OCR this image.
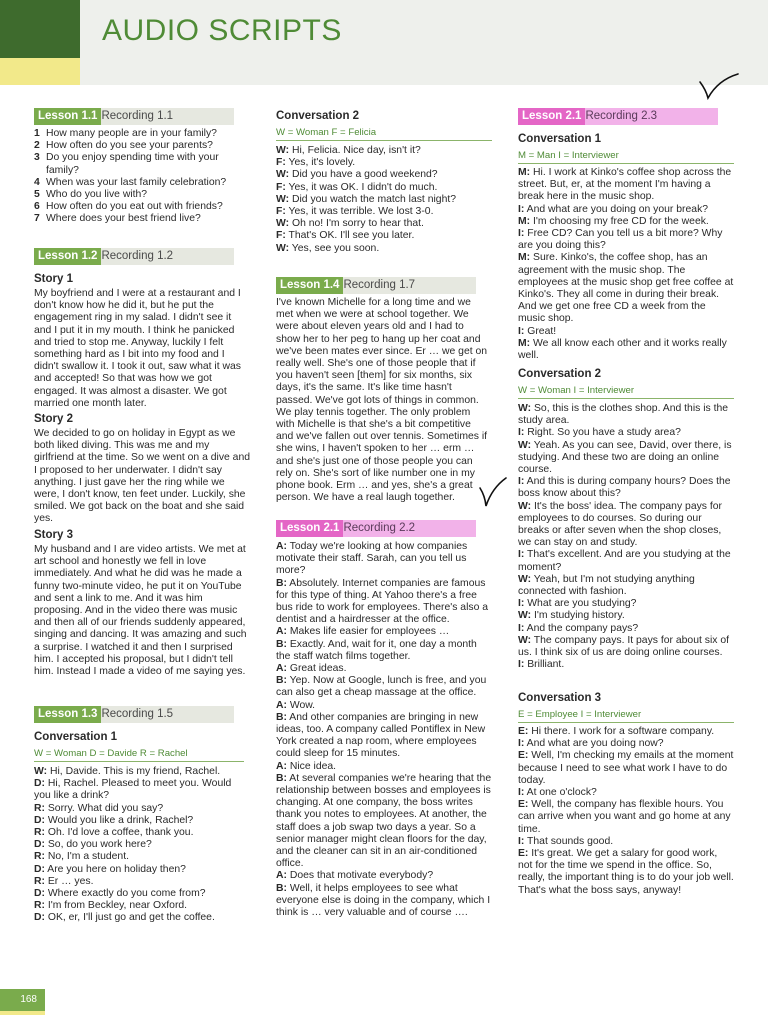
AUDIO SCRIPTS
Lesson 1.1 Recording 1.1
1 How many people are in your family?
2 How often do you see your parents?
3 Do you enjoy spending time with your family?
4 When was your last family celebration?
5 Who do you live with?
6 How often do you eat out with friends?
7 Where does your best friend live?
Lesson 1.2 Recording 1.2
Story 1

My boyfriend and I were at a restaurant and I don't know how he did it, but he put the engagement ring in my salad. I didn't see it and I put it in my mouth. I think he panicked and tried to stop me. Anyway, luckily I felt something hard as I bit into my food and I didn't swallow it. I took it out, saw what it was and accepted! So that was how we got engaged. It was almost a disaster. We got married one month later.

Story 2

We decided to go on holiday in Egypt as we both liked diving. This was me and my girlfriend at the time. So we went on a dive and I proposed to her underwater. I didn't say anything. I just gave her the ring while we were, I don't know, ten feet under. Luckily, she smiled. We got back on the boat and she said yes.

Story 3

My husband and I are video artists. We met at art school and honestly we fell in love immediately. And what he did was he made a funny two-minute video, he put it on YouTube and sent a link to me. And it was him proposing. And in the video there was music and then all of our friends suddenly appeared, singing and dancing. It was amazing and such a surprise. I watched it and then I surprised him. I accepted his proposal, but I didn't tell him. Instead I made a video of me saying yes.

Lesson 1.3 Recording 1.5
Conversation 1
W = Woman D = Davide R = Rachel
W: Hi, Davide. This is my friend, Rachel.
D: Hi, Rachel. Pleased to meet you. Would you like a drink?
R: Sorry. What did you say?
D: Would you like a drink, Rachel?
R: Oh. I'd love a coffee, thank you.
D: So, do you work here?
R: No, I'm a student.
D: Are you here on holiday then?
R: Er … yes.
D: Where exactly do you come from?
R: I'm from Beckley, near Oxford.
D: OK, er, I'll just go and get the coffee.
Conversation 2
W = Woman F = Felicia
W: Hi, Felicia. Nice day, isn't it?
F: Yes, it's lovely.
W: Did you have a good weekend?
F: Yes, it was OK. I didn't do much.
W: Did you watch the match last night?
F: Yes, it was terrible. We lost 3-0.
W: Oh no! I'm sorry to hear that.
F: That's OK. I'll see you later.
W: Yes, see you soon.
Lesson 1.4 Recording 1.7

I've known Michelle for a long time and we met when we were at school together. We were about eleven years old and I had to show her to her peg to hang up her coat and we've been mates ever since. Er … we get on really well. She's one of those people that if you haven't seen [them] for six months, six days, it's the same. It's like time hasn't passed. We've got lots of things in common. We play tennis together. The only problem with Michelle is that she's a bit competitive and we've fallen out over tennis. Sometimes if she wins, I haven't spoken to her … erm … and she's just one of those people you can rely on. She's sort of like number one in my phone book. Erm … and yes, she's a great person. We have a real laugh together.

Lesson 2.1 Recording 2.2
A: Today we're looking at how companies motivate their staff. Sarah, can you tell us more?
B: Absolutely. Internet companies are famous for this type of thing. At Yahoo there's a free bus ride to work for employees. There's also a dentist and a hairdresser at the office.
A: Makes life easier for employees …
B: Exactly. And, wait for it, one day a month the staff watch films together.
A: Great ideas.
B: Yep. Now at Google, lunch is free, and you can also get a cheap massage at the office.
A: Wow.
B: And other companies are bringing in new ideas, too. A company called Pontiflex in New York created a nap room, where employees could sleep for 15 minutes.
A: Nice idea.
B: At several companies we're hearing that the relationship between bosses and employees is changing. At one company, the boss writes thank you notes to employees. At another, the staff does a job swap two days a year. So a senior manager might clean floors for the day, and the cleaner can sit in an air-conditioned office.
A: Does that motivate everybody?
B: Well, it helps employees to see what everyone else is doing in the company, which I think is … very valuable and of course ….
Lesson 2.1 Recording 2.3
Conversation 1
M = Man I = Interviewer
M: Hi. I work at Kinko's coffee shop across the street. But, er, at the moment I'm having a break here in the music shop.
I: And what are you doing on your break?
M: I'm choosing my free CD for the week.
I: Free CD? Can you tell us a bit more? Why are you doing this?
M: Sure. Kinko's, the coffee shop, has an agreement with the music shop. The employees at the music shop get free coffee at Kinko's. They all come in during their break. And we get one free CD a week from the music shop.
I: Great!
M: We all know each other and it works really well.
Conversation 2
W = Woman I = Interviewer
W: So, this is the clothes shop. And this is the study area.
I: Right. So you have a study area?
W: Yeah. As you can see, David, over there, is studying. And these two are doing an online course.
I: And this is during company hours? Does the boss know about this?
W: It's the boss' idea. The company pays for employees to do courses. So during our breaks or after seven when the shop closes, we can stay on and study.
I: That's excellent. And are you studying at the moment?
W: Yeah, but I'm not studying anything connected with fashion.
I: What are you studying?
W: I'm studying history.
I: And the company pays?
W: The company pays. It pays for about six of us. I think six of us are doing online courses.
I: Brilliant.
Conversation 3
E = Employee I = Interviewer
E: Hi there. I work for a software company.
I: And what are you doing now?
E: Well, I'm checking my emails at the moment because I need to see what work I have to do today.
I: At one o'clock?
E: Well, the company has flexible hours. You can arrive when you want and go home at any time.
I: That sounds good.
E: It's great. We get a salary for good work, not for the time we spend in the office. So, really, the important thing is to do your job well. That's what the boss says, anyway!
168
